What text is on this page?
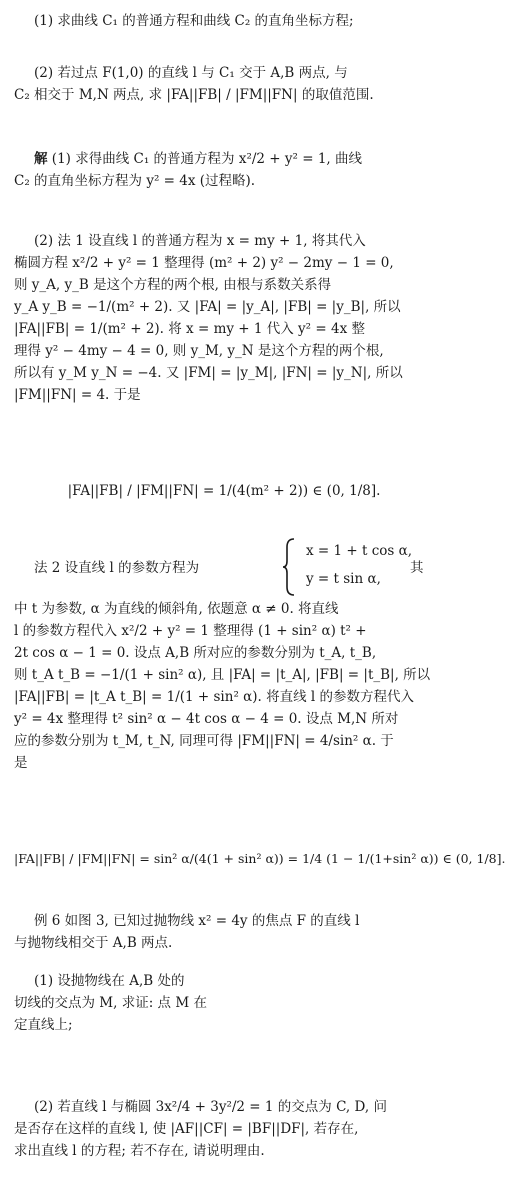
(1) 求曲线 C₁ 的普通方程和曲线 C₂ 的直角坐标方程;
(2) 若过点 F(1,0) 的直线 l 与 C₁ 交于 A,B 两点, 与
C₂ 相交于 M,N 两点, 求 |FA||FB| / |FM||FN| 的取值范围.
解 (1) 求得曲线 C₁ 的普通方程为 x²/2 + y² = 1, 曲线
C₂ 的直角坐标方程为 y² = 4x (过程略).
(2) 法 1 设直线 l 的普通方程为 x = my + 1, 将其代入
椭圆方程 x²/2 + y² = 1 整理得 (m² + 2) y² − 2my − 1 = 0,
则 y_A, y_B 是这个方程的两个根, 由根与系数关系得
y_A y_B = −1/(m² + 2). 又 |FA| = |y_A|, |FB| = |y_B|, 所以
|FA||FB| = 1/(m² + 2). 将 x = my + 1 代入 y² = 4x 整
理得 y² − 4my − 4 = 0, 则 y_M, y_N 是这个方程的两个根,
所以有 y_M y_N = −4. 又 |FM| = |y_M|, |FN| = |y_N|, 所以
|FM||FN| = 4. 于是
|FA||FB| / |FM||FN| = 1/(4(m² + 2)) ∈ (0, 1/8].
法 2 设直线 l 的参数方程为
x = 1 + t cos α,
y = t sin α,
其
中 t 为参数, α 为直线的倾斜角, 依题意 α ≠ 0. 将直线
l 的参数方程代入 x²/2 + y² = 1 整理得 (1 + sin² α) t² +
2t cos α − 1 = 0. 设点 A,B 所对应的参数分别为 t_A, t_B,
则 t_A t_B = −1/(1 + sin² α), 且 |FA| = |t_A|, |FB| = |t_B|, 所以
|FA||FB| = |t_A t_B| = 1/(1 + sin² α). 将直线 l 的参数方程代入
y² = 4x 整理得 t² sin² α − 4t cos α − 4 = 0. 设点 M,N 所对
应的参数分别为 t_M, t_N, 同理可得 |FM||FN| = 4/sin² α. 于
是
|FA||FB| / |FM||FN| = sin² α/(4(1 + sin² α)) = 1/4 (1 − 1/(1+sin² α)) ∈ (0, 1/8].
例 6 如图 3, 已知过抛物线 x² = 4y 的焦点 F 的直线 l
与抛物线相交于 A,B 两点.
(1) 设抛物线在 A,B 处的
切线的交点为 M, 求证: 点 M 在
定直线上;
(2) 若直线 l 与椭圆 3x²/4 + 3y²/2 = 1 的交点为 C, D, 问
是否存在这样的直线 l, 使 |AF||CF| = |BF||DF|, 若存在,
求出直线 l 的方程; 若不存在, 请说明理由.
